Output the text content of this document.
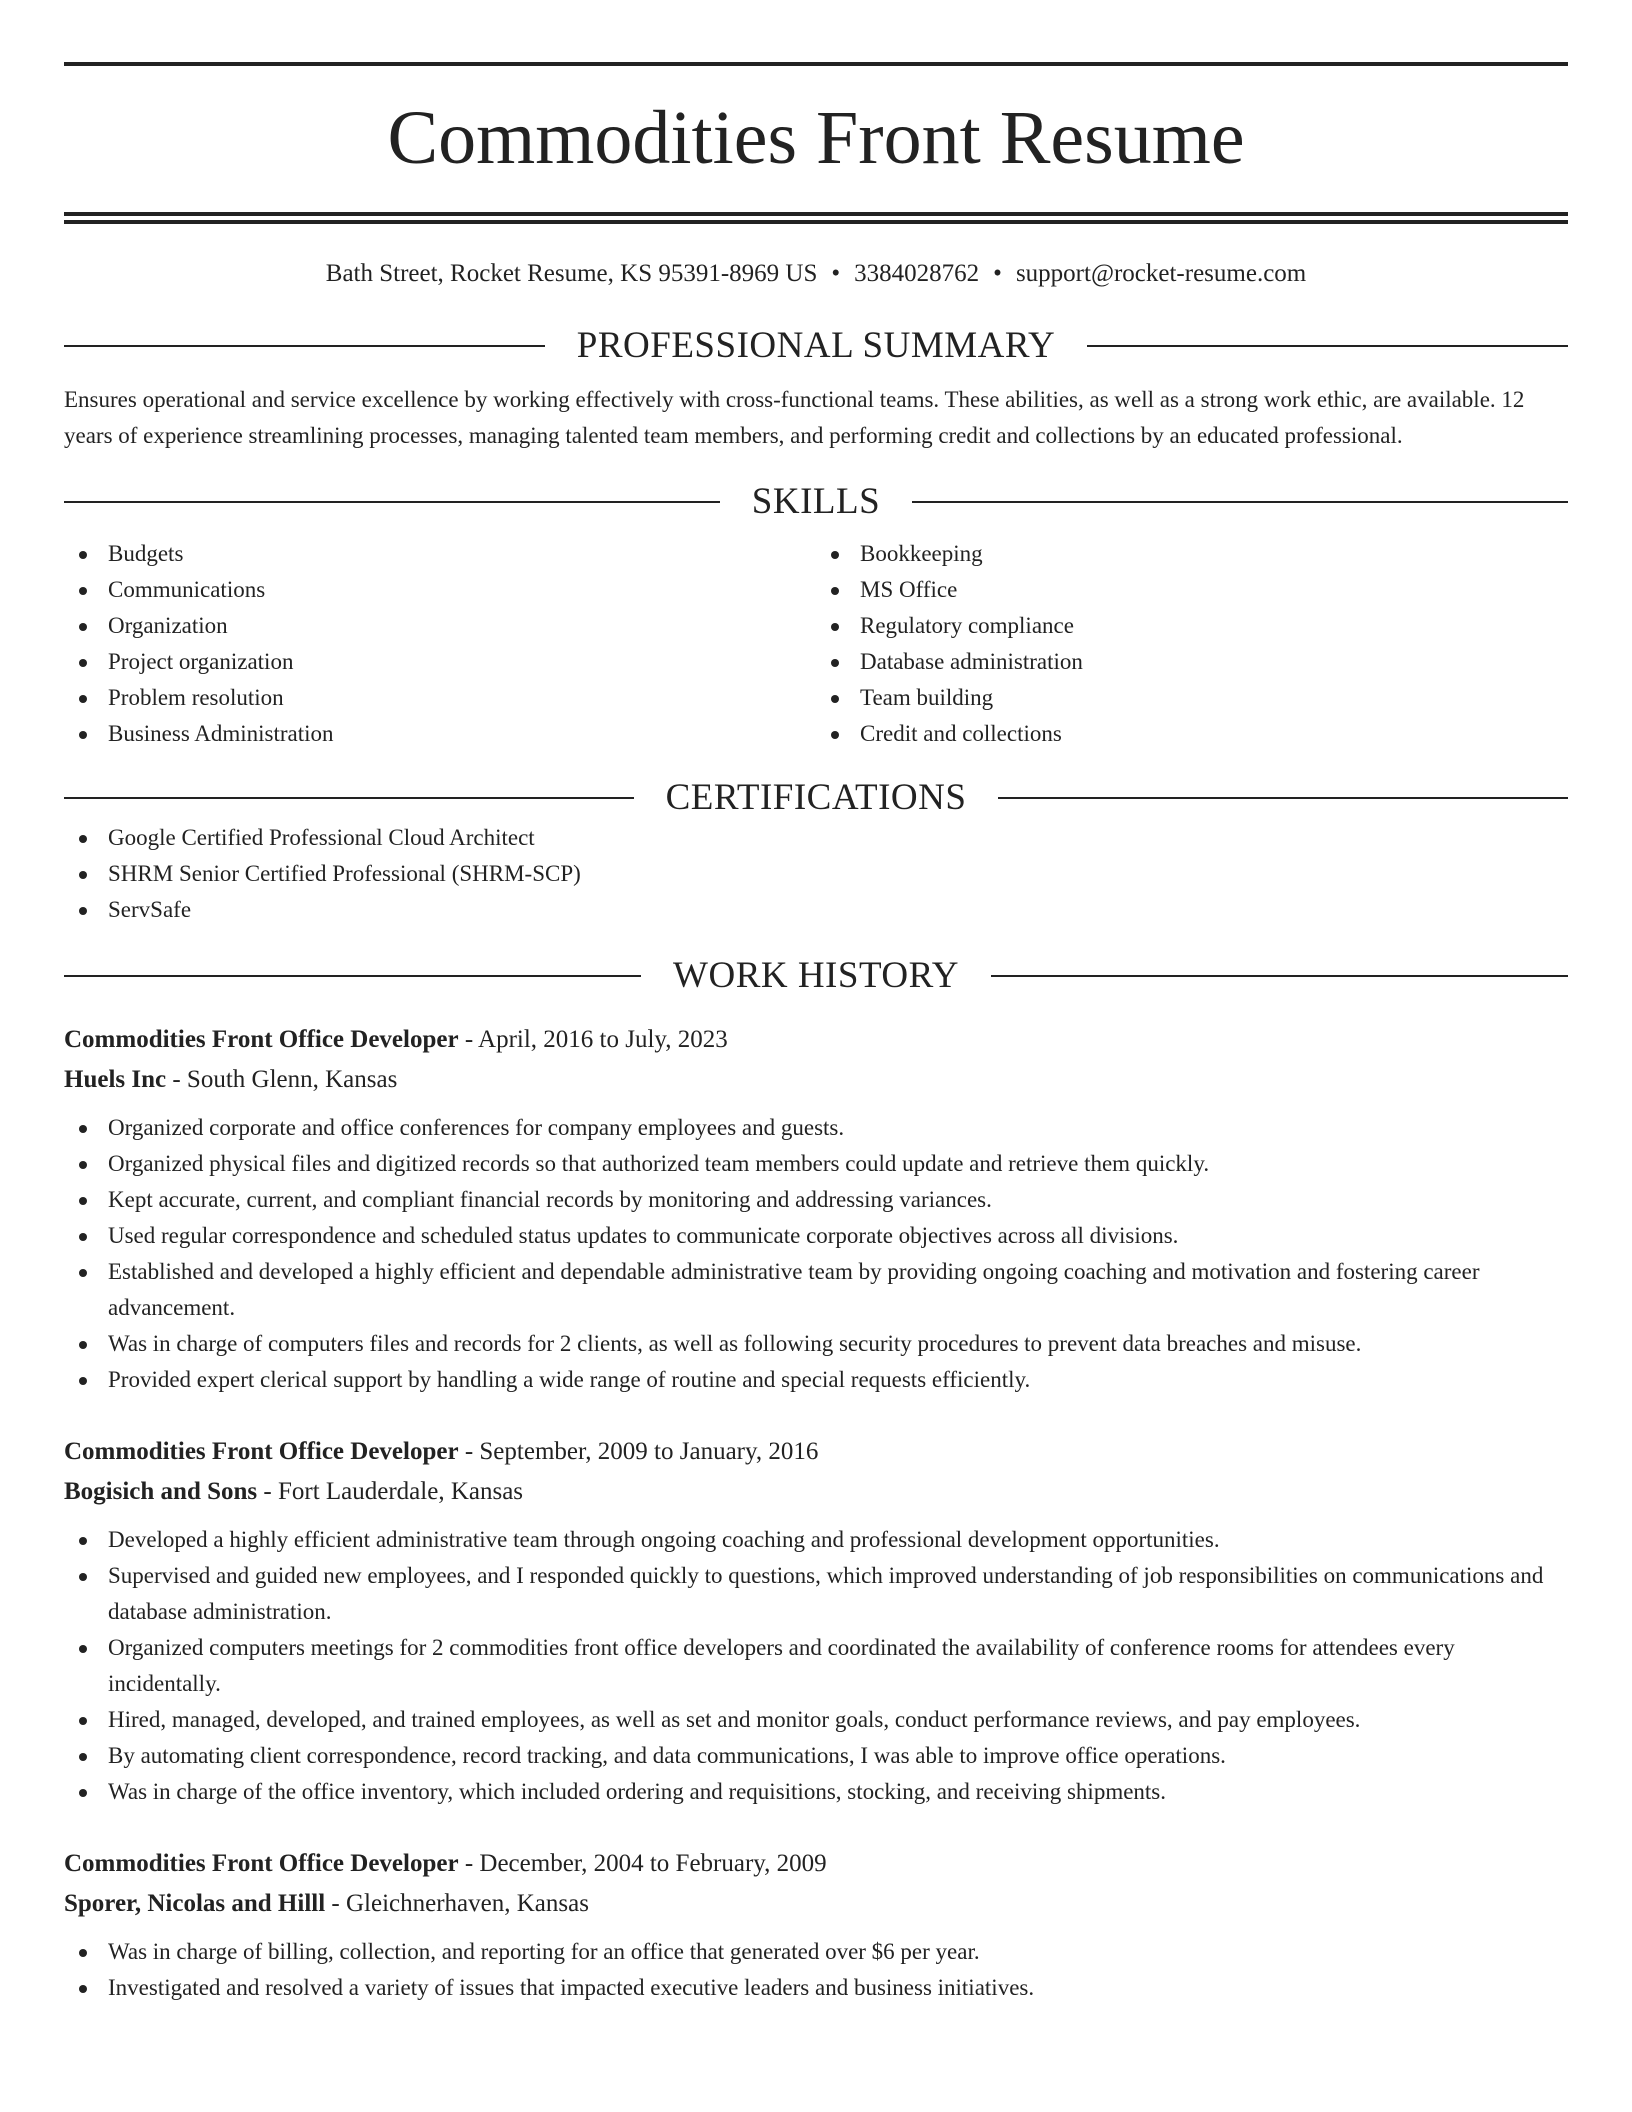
Commodities Front Resume
Bath Street, Rocket Resume, KS 95391-8969 US • 3384028762 • support@rocket-resume.com
PROFESSIONAL SUMMARY

Ensures operational and service excellence by working effectively with cross-functional teams. These abilities, as well as a strong work ethic, are available. 12 years of experience streamlining processes, managing talented team members, and performing credit and collections by an educated professional.

SKILLS
Budgets
Communications
Organization
Project organization
Problem resolution
Business Administration
Bookkeeping
MS Office
Regulatory compliance
Database administration
Team building
Credit and collections
CERTIFICATIONS
Google Certified Professional Cloud Architect
SHRM Senior Certified Professional (SHRM-SCP)
ServSafe
WORK HISTORY
Commodities Front Office Developer - April, 2016 to July, 2023
Huels Inc - South Glenn, Kansas
Organized corporate and office conferences for company employees and guests.
Organized physical files and digitized records so that authorized team members could update and retrieve them quickly.
Kept accurate, current, and compliant financial records by monitoring and addressing variances.
Used regular correspondence and scheduled status updates to communicate corporate objectives across all divisions.
Established and developed a highly efficient and dependable administrative team by providing ongoing coaching and motivation and fostering career advancement.
Was in charge of computers files and records for 2 clients, as well as following security procedures to prevent data breaches and misuse.
Provided expert clerical support by handling a wide range of routine and special requests efficiently.
Commodities Front Office Developer - September, 2009 to January, 2016
Bogisich and Sons - Fort Lauderdale, Kansas
Developed a highly efficient administrative team through ongoing coaching and professional development opportunities.
Supervised and guided new employees, and I responded quickly to questions, which improved understanding of job responsibilities on communications and database administration.
Organized computers meetings for 2 commodities front office developers and coordinated the availability of conference rooms for attendees every incidentally.
Hired, managed, developed, and trained employees, as well as set and monitor goals, conduct performance reviews, and pay employees.
By automating client correspondence, record tracking, and data communications, I was able to improve office operations.
Was in charge of the office inventory, which included ordering and requisitions, stocking, and receiving shipments.
Commodities Front Office Developer - December, 2004 to February, 2009
Sporer, Nicolas and Hilll - Gleichnerhaven, Kansas
Was in charge of billing, collection, and reporting for an office that generated over $6 per year.
Investigated and resolved a variety of issues that impacted executive leaders and business initiatives.
